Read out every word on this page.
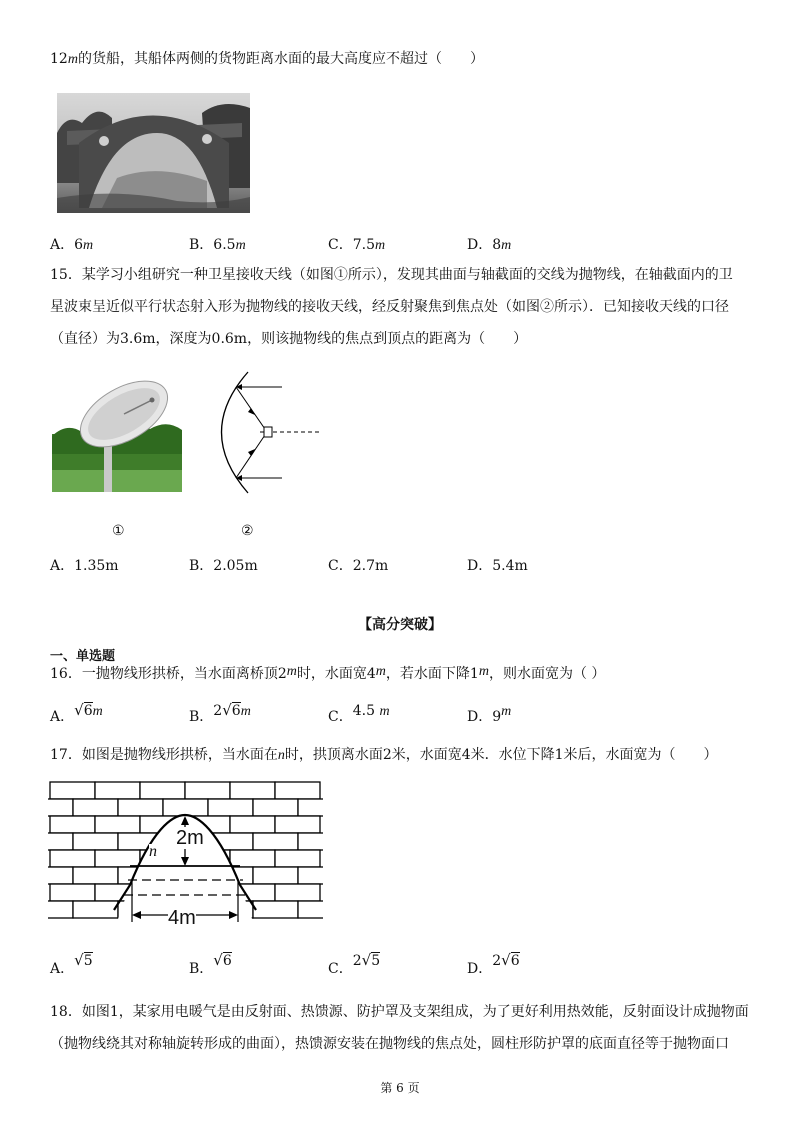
12m的货船，其船体两侧的货物距离水面的最大高度应不超过（　　）
A．6m	B．6.5m	C．7.5m	D．8m
15．某学习小组研究一种卫星接收天线（如图①所示），发现其曲面与轴截面的交线为抛物线，在轴截面内的卫
星波束呈近似平行状态射入形为抛物线的接收天线，经反射聚焦到焦点处（如图②所示）．已知接收天线的口径
（直径）为3.6m，深度为0.6m，则该抛物线的焦点到顶点的距离为（　　）
①	②
A．1.35m	B．2.05m	C．2.7m	D．5.4m
【高分突破】
一、单选题
16．一抛物线形拱桥，当水面离桥顶2m时，水面宽4m，若水面下降1m，则水面宽为（ ）
A．√6m	B．2√6m	C．4.5 m	D．9m
17．如图是抛物线形拱桥，当水面在n时，拱顶离水面2米，水面宽4米．水位下降1米后，水面宽为（　　）
2m
n
4m
A．√5	B．√6	C．2√5	D．2√6
18．如图1，某家用电暖气是由反射面、热馈源、防护罩及支架组成，为了更好利用热效能，反射面设计成抛物面
（抛物线绕其对称轴旋转形成的曲面），热馈源安装在抛物线的焦点处，圆柱形防护罩的底面直径等于抛物面口
第 6 页
